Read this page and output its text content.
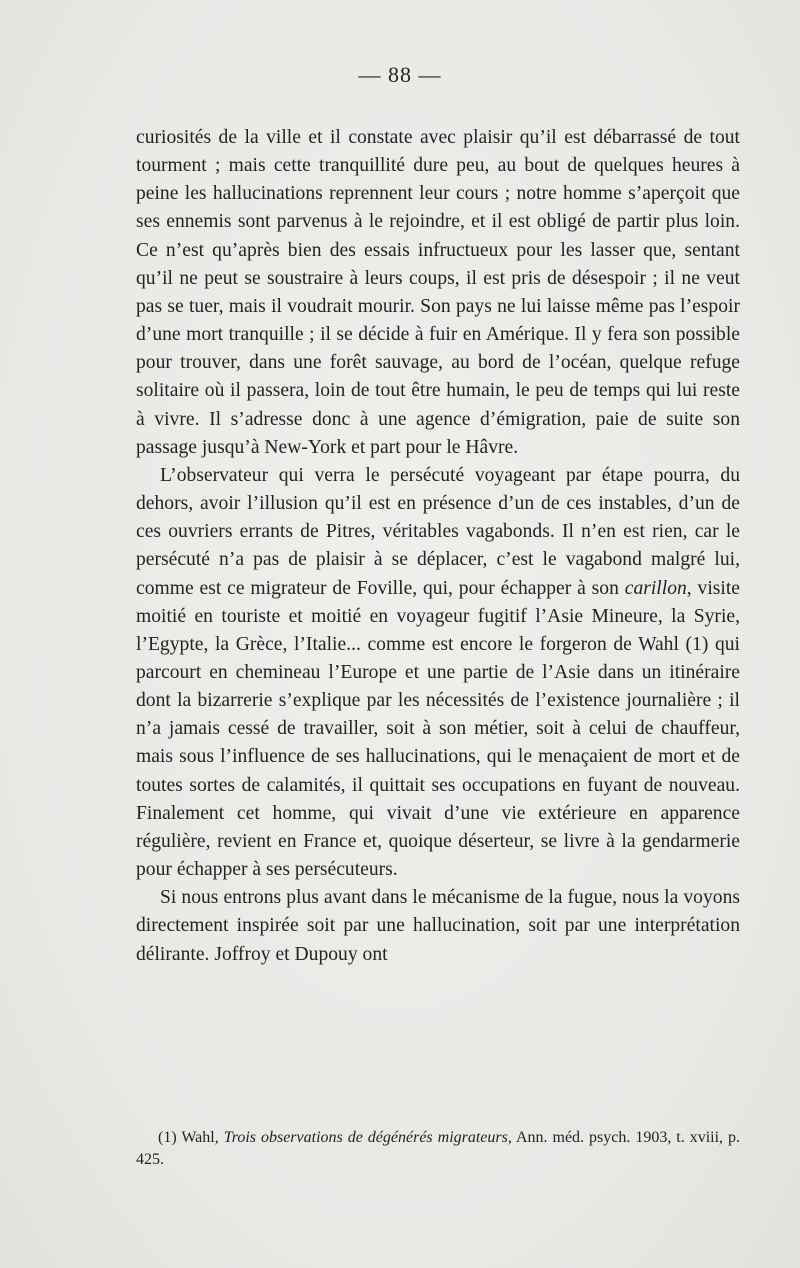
— 88 —

curiosités de la ville et il constate avec plaisir qu’il est débarrassé de tout tourment ; mais cette tranquillité dure peu, au bout de quelques heures à peine les hallucinations reprennent leur cours ; notre homme s’aperçoit que ses ennemis sont parvenus à le rejoindre, et il est obligé de partir plus loin. Ce n’est qu’après bien des essais infructueux pour les lasser que, sentant qu’il ne peut se soustraire à leurs coups, il est pris de désespoir ; il ne veut pas se tuer, mais il voudrait mourir. Son pays ne lui laisse même pas l’espoir d’une mort tranquille ; il se décide à fuir en Amérique. Il y fera son possible pour trouver, dans une forêt sauvage, au bord de l’océan, quelque refuge solitaire où il passera, loin de tout être humain, le peu de temps qui lui reste à vivre. Il s’adresse donc à une agence d’émigration, paie de suite son passage jusqu’à New-York et part pour le Hâvre.

L’observateur qui verra le persécuté voyageant par étape pourra, du dehors, avoir l’illusion qu’il est en présence d’un de ces instables, d’un de ces ouvriers errants de Pitres, véritables vagabonds. Il n’en est rien, car le persécuté n’a pas de plaisir à se déplacer, c’est le vagabond malgré lui, comme est ce migrateur de Foville, qui, pour échapper à son carillon, visite moitié en touriste et moitié en voyageur fugitif l’Asie Mineure, la Syrie, l’Egypte, la Grèce, l’Italie... comme est encore le forgeron de Wahl (1) qui parcourt en chemineau l’Europe et une partie de l’Asie dans un itinéraire dont la bizarrerie s’explique par les nécessités de l’existence journalière ; il n’a jamais cessé de travailler, soit à son métier, soit à celui de chauffeur, mais sous l’influence de ses hallucinations, qui le menaçaient de mort et de toutes sortes de calamités, il quittait ses occupations en fuyant de nouveau. Finalement cet homme, qui vivait d’une vie extérieure en apparence régulière, revient en France et, quoique déserteur, se livre à la gendarmerie pour échapper à ses persécuteurs.

Si nous entrons plus avant dans le mécanisme de la fugue, nous la voyons directement inspirée soit par une hallucination, soit par une interprétation délirante. Joffroy et Dupouy ont

(1) Wahl, Trois observations de dégénérés migrateurs, Ann. méd. psych. 1903, t. xviii, p. 425.
